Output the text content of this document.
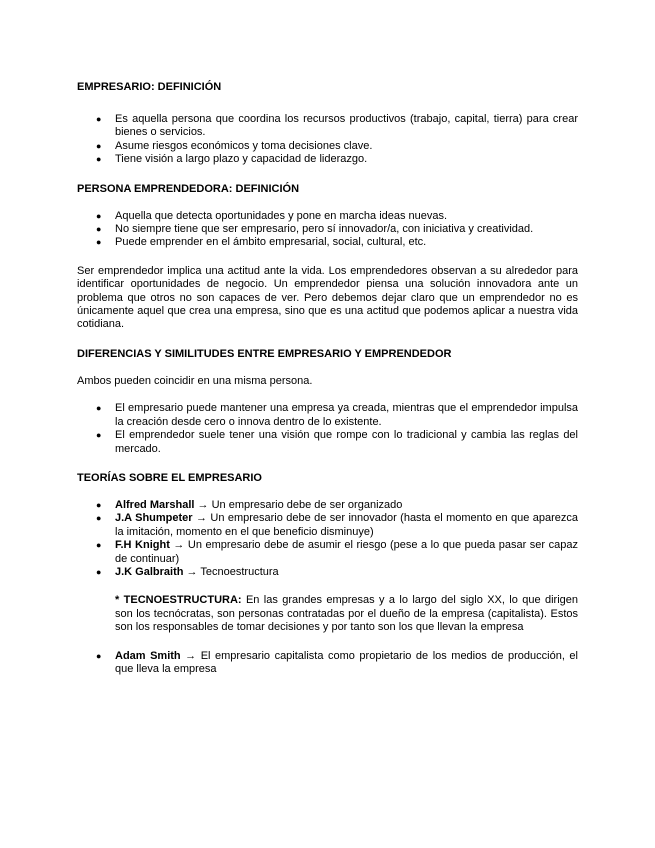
EMPRESARIO: DEFINICIÓN
● Es aquella persona que coordina los recursos productivos (trabajo, capital, tierra) para crear bienes o servicios.
● Asume riesgos económicos y toma decisiones clave.
● Tiene visión a largo plazo y capacidad de liderazgo.
PERSONA EMPRENDEDORA: DEFINICIÓN
● Aquella que detecta oportunidades y pone en marcha ideas nuevas.
● No siempre tiene que ser empresario, pero sí innovador/a, con iniciativa y creatividad.
● Puede emprender en el ámbito empresarial, social, cultural, etc.

Ser emprendedor implica una actitud ante la vida. Los emprendedores observan a su alrededor para identificar oportunidades de negocio. Un emprendedor piensa una solución innovadora ante un problema que otros no son capaces de ver. Pero debemos dejar claro que un emprendedor no es únicamente aquel que crea una empresa, sino que es una actitud que podemos aplicar a nuestra vida cotidiana.

DIFERENCIAS Y SIMILITUDES ENTRE EMPRESARIO Y EMPRENDEDOR

Ambos pueden coincidir en una misma persona.

● El empresario puede mantener una empresa ya creada, mientras que el emprendedor impulsa la creación desde cero o innova dentro de lo existente.
● El emprendedor suele tener una visión que rompe con lo tradicional y cambia las reglas del mercado.
TEORÍAS SOBRE EL EMPRESARIO
● Alfred Marshall → Un empresario debe de ser organizado
● J.A Shumpeter → Un empresario debe de ser innovador (hasta el momento en que aparezca la imitación, momento en el que beneficio disminuye)
● F.H Knight → Un empresario debe de asumir el riesgo (pese a lo que pueda pasar ser capaz de continuar)
● J.K Galbraith → Tecnoestructura

* TECNOESTRUCTURA: En las grandes empresas y a lo largo del siglo XX, lo que dirigen son los tecnócratas, son personas contratadas por el dueño de la empresa (capitalista). Estos son los responsables de tomar decisiones y por tanto son los que llevan la empresa

● Adam Smith → El empresario capitalista como propietario de los medios de producción, el que lleva la empresa
